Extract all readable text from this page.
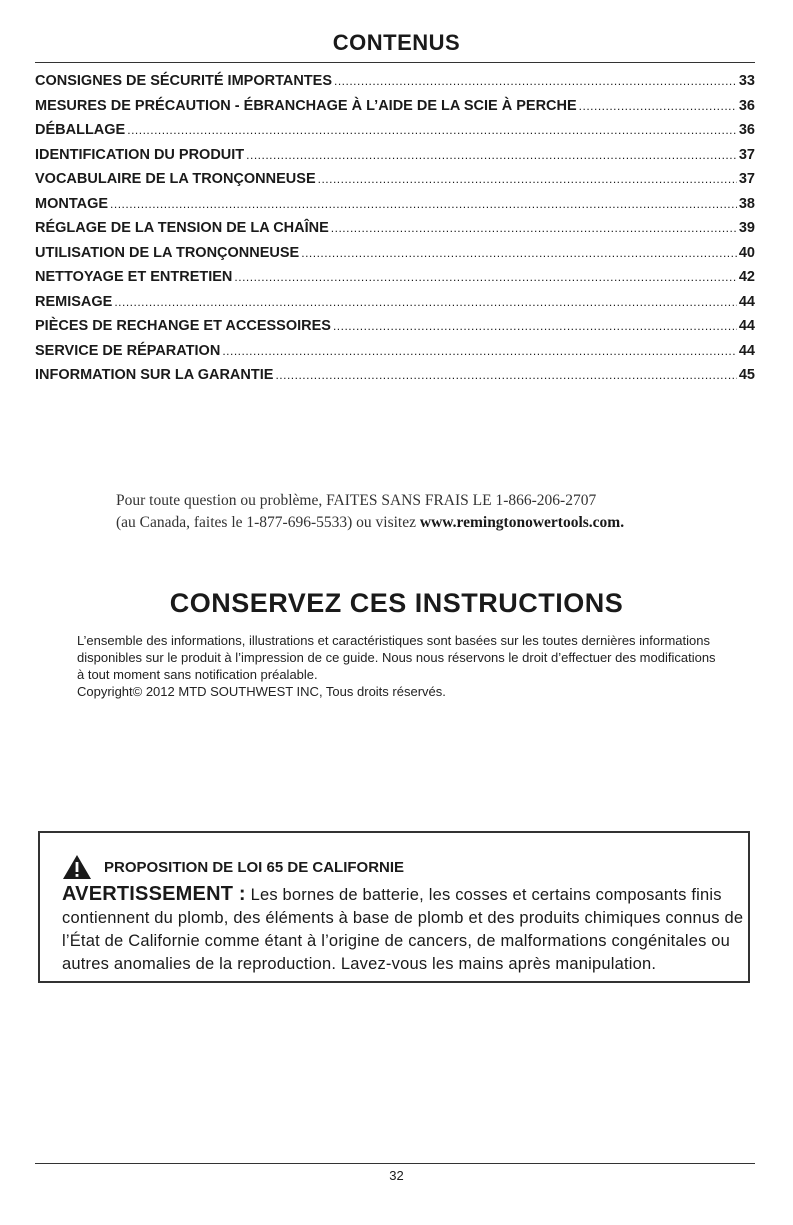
CONTENUS
CONSIGNES DE SÉCURITÉ IMPORTANTES .....	33
MESURES DE PRÉCAUTION - ÉBRANCHAGE À L’AIDE DE LA SCIE À PERCHE .....	36
DÉBALLAGE .....	36
IDENTIFICATION DU PRODUIT .....	37
VOCABULAIRE DE LA TRONÇONNEUSE .....	37
MONTAGE .....	38
RÉGLAGE DE LA TENSION DE LA CHAÎNE .....	39
UTILISATION DE LA TRONÇONNEUSE .....	40
NETTOYAGE ET ENTRETIEN .....	42
REMISAGE .....	44
PIÈCES DE RECHANGE ET ACCESSOIRES .....	44
SERVICE DE RÉPARATION .....	44
INFORMATION SUR LA GARANTIE .....	45
Pour toute question ou problème, FAITES SANS FRAIS LE 1-866-206-2707
(au Canada, faites le 1-877-696-5533) ou visitez www.remingtonowertools.com.
CONSERVEZ CES INSTRUCTIONS

L’ensemble des informations, illustrations et caractéristiques sont basées sur les toutes dernières informations disponibles sur le produit à l’impression de ce guide. Nous nous réservons le droit d’effectuer des modifications à tout moment sans notification préalable.

Copyright© 2012 MTD SOUTHWEST INC, Tous droits réservés.

PROPOSITION DE LOI 65 DE CALIFORNIE
AVERTISSEMENT : Les bornes de batterie, les cosses et certains composants finis contiennent du plomb, des éléments à base de plomb et des produits chimiques connus de l’État de Californie comme étant à l’origine de cancers, de malformations congénitales ou autres anomalies de la reproduction. Lavez-vous les mains après manipulation.
32
